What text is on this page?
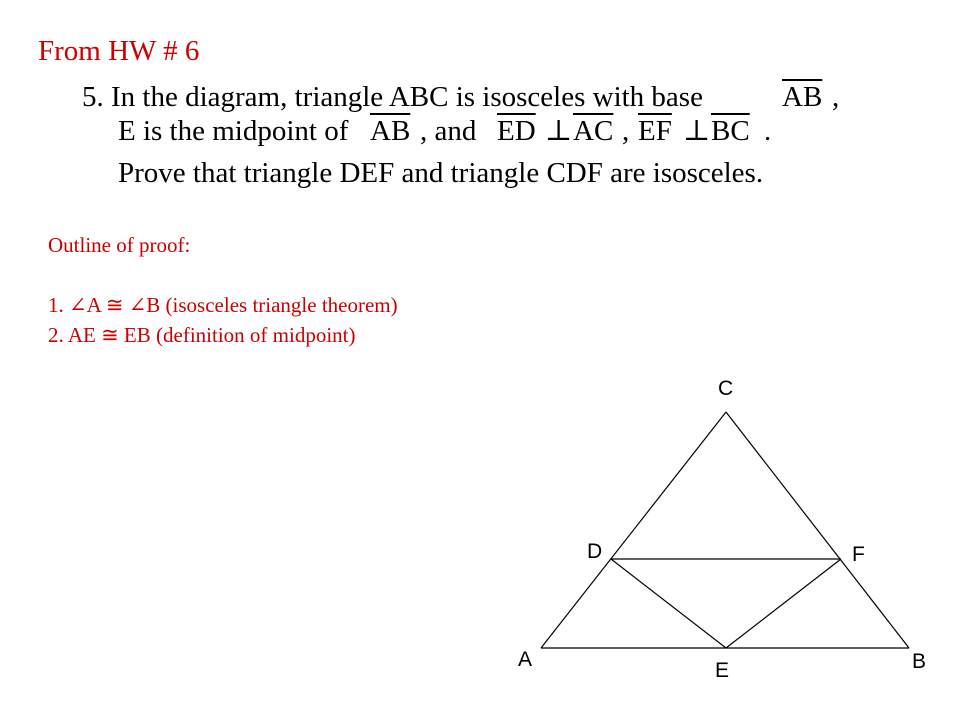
From HW # 6
5. In the diagram, triangle ABC is isosceles with base	$\overline{AB}$ ,
E is the midpoint of $\overline{AB}$ , and $\overline{ED}$ ⊥ $\overline{AC}$ , $\overline{EF}$ ⊥ $\overline{BC}$ .
Prove that triangle DEF and triangle CDF are isosceles.
Outline of proof:
1. ∠A ≅ ∠B (isosceles triangle theorem)
2. AE ≅ EB (definition of midpoint)
C
D	F
A	B
E
